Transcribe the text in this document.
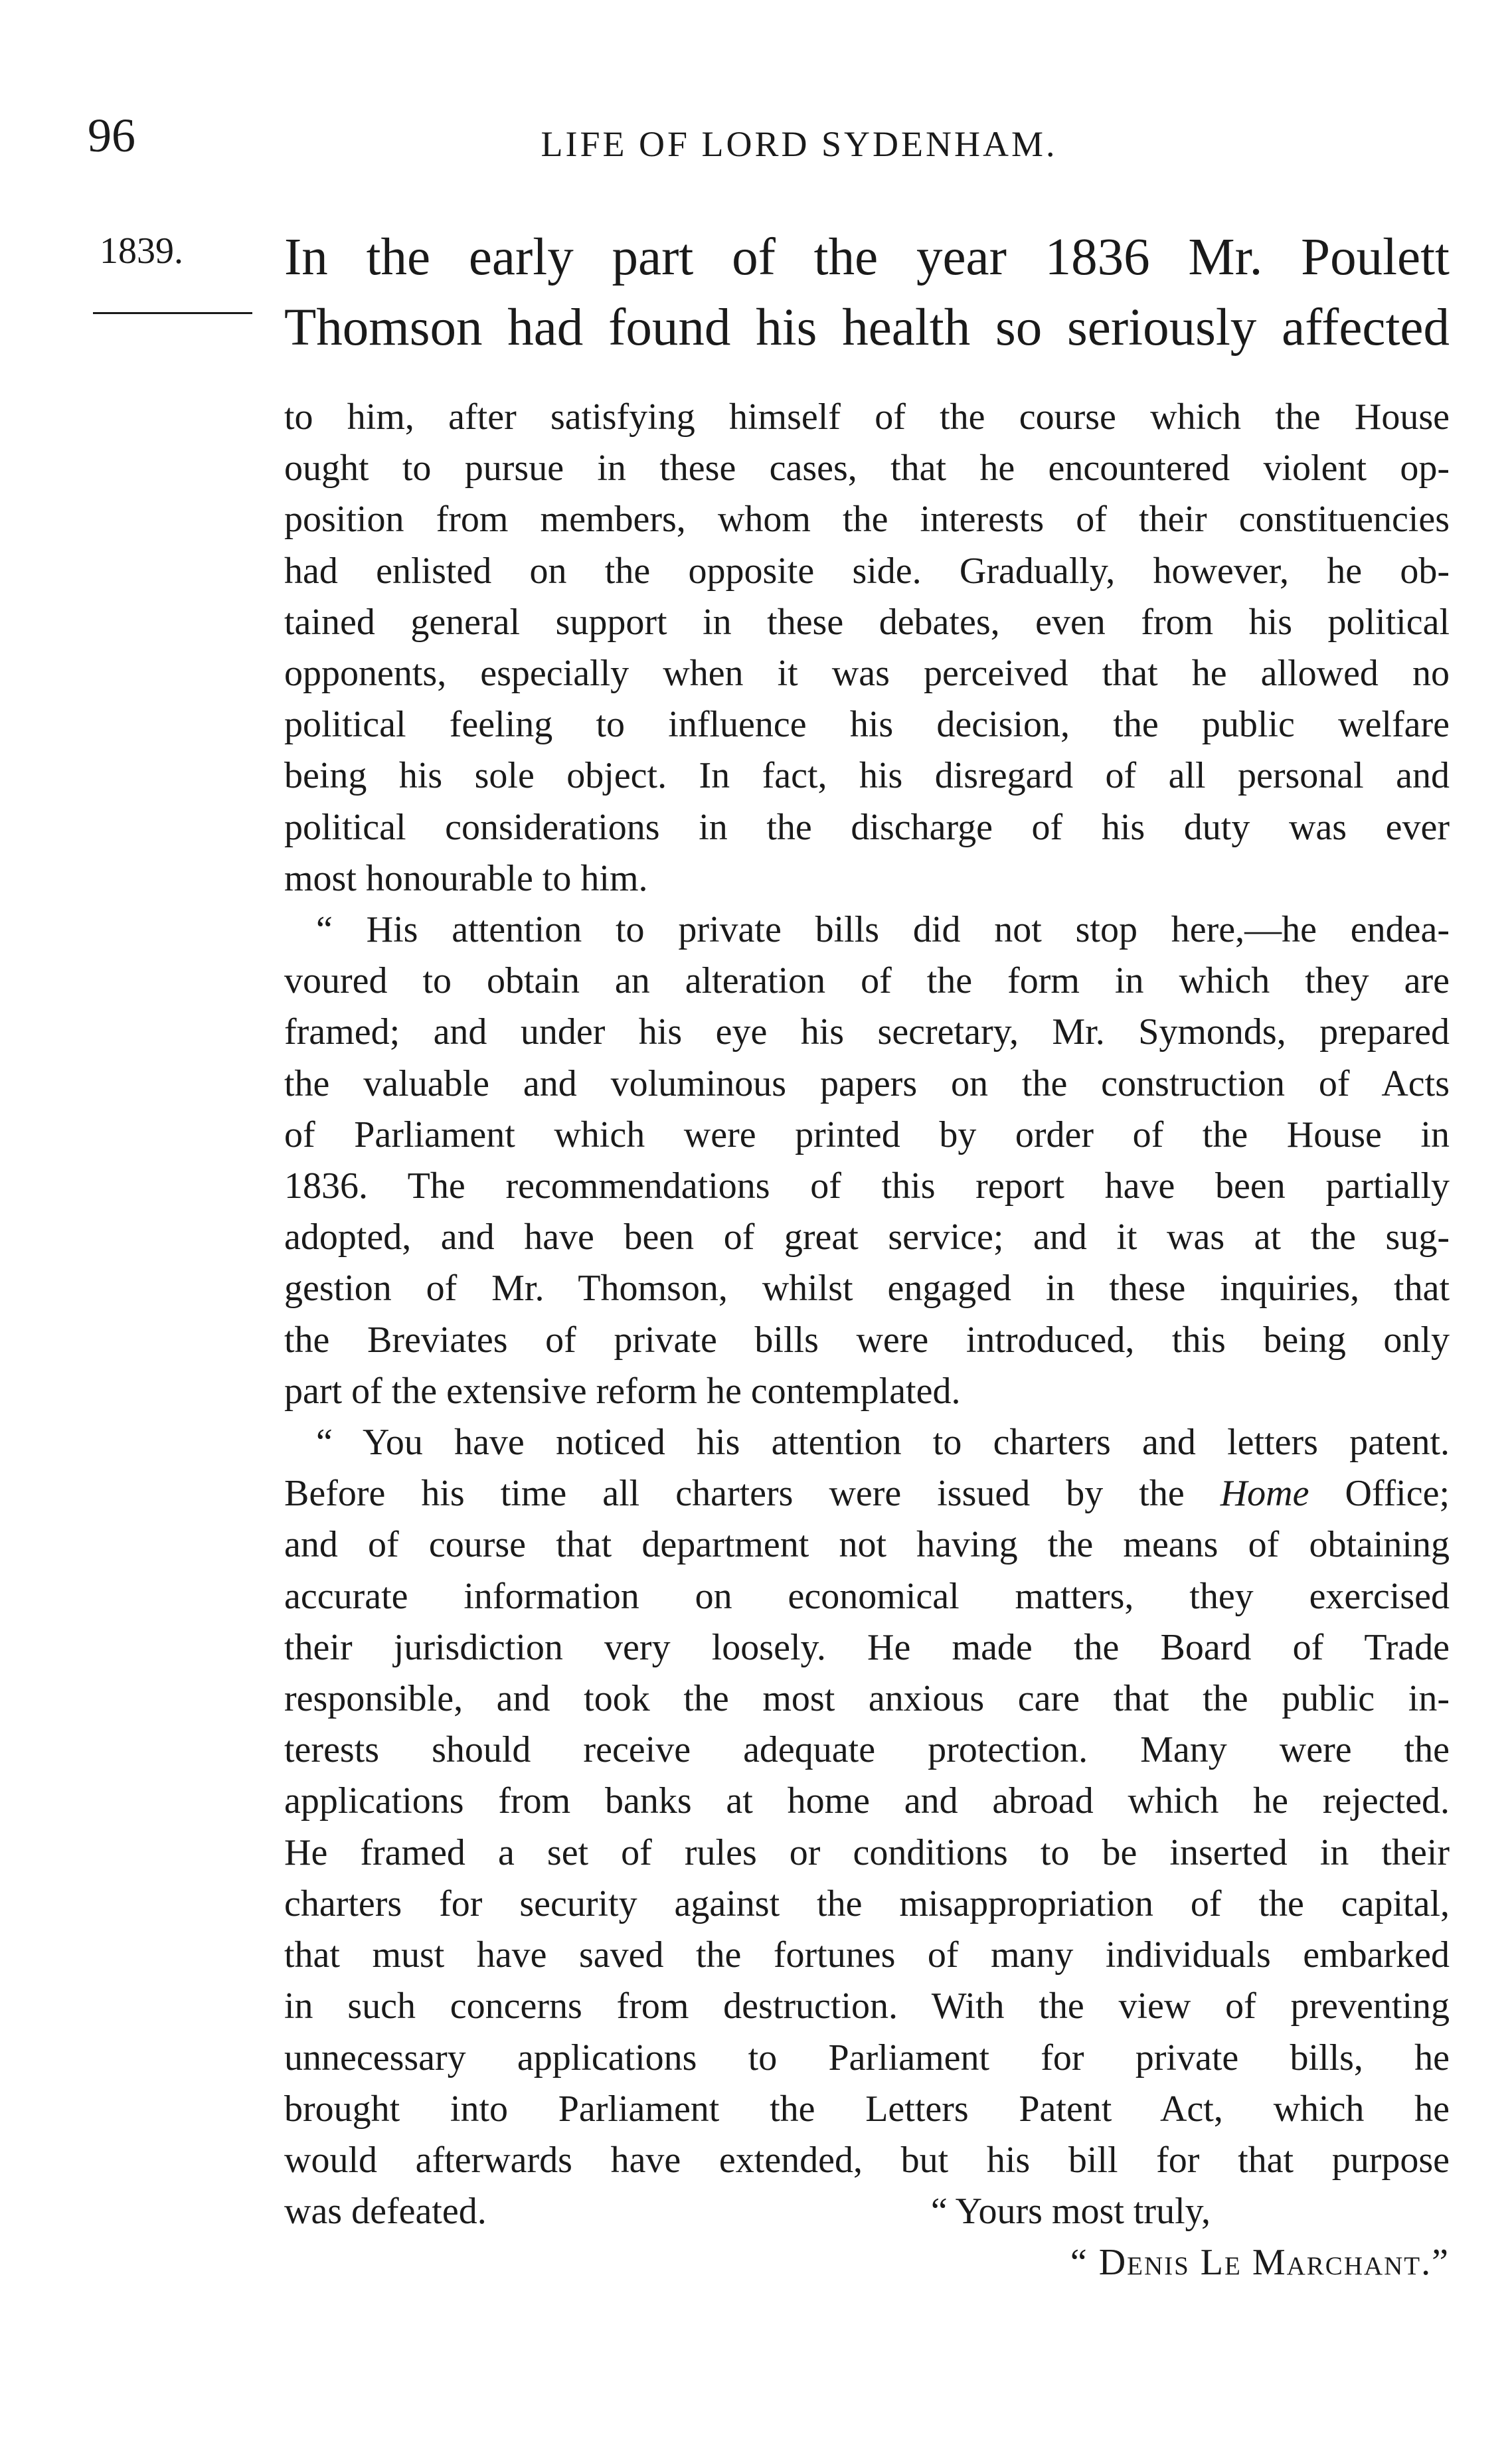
96	LIFE OF LORD SYDENHAM.
1839. In the early part of the year 1836 Mr. Poulett
Thomson had found his health so seriously affected

to him, after satisfying himself of the course which the House
ought to pursue in these cases, that he encountered violent op-
position from members, whom the interests of their constituencies
had enlisted on the opposite side. Gradually, however, he ob-
tained general support in these debates, even from his political
opponents, especially when it was perceived that he allowed no
political feeling to influence his decision, the public welfare
being his sole object. In fact, his disregard of all personal and
political considerations in the discharge of his duty was ever
most honourable to him.

“ His attention to private bills did not stop here,—he endea-
voured to obtain an alteration of the form in which they are
framed; and under his eye his secretary, Mr. Symonds, prepared
the valuable and voluminous papers on the construction of Acts
of Parliament which were printed by order of the House in
1836. The recommendations of this report have been partially
adopted, and have been of great service; and it was at the sug-
gestion of Mr. Thomson, whilst engaged in these inquiries, that
the Breviates of private bills were introduced, this being only
part of the extensive reform he contemplated.

“ You have noticed his attention to charters and letters patent.
Before his time all charters were issued by the Home Office;
and of course that department not having the means of obtaining
accurate information on economical matters, they exercised
their jurisdiction very loosely. He made the Board of Trade
responsible, and took the most anxious care that the public in-
terests should receive adequate protection. Many were the
applications from banks at home and abroad which he rejected.
He framed a set of rules or conditions to be inserted in their
charters for security against the misappropriation of the capital,
that must have saved the fortunes of many individuals embarked
in such concerns from destruction. With the view of preventing
unnecessary applications to Parliament for private bills, he
brought into Parliament the Letters Patent Act, which he
would afterwards have extended, but his bill for that purpose
was defeated.	“ Yours most truly,

“ Denis Le Marchant.”
